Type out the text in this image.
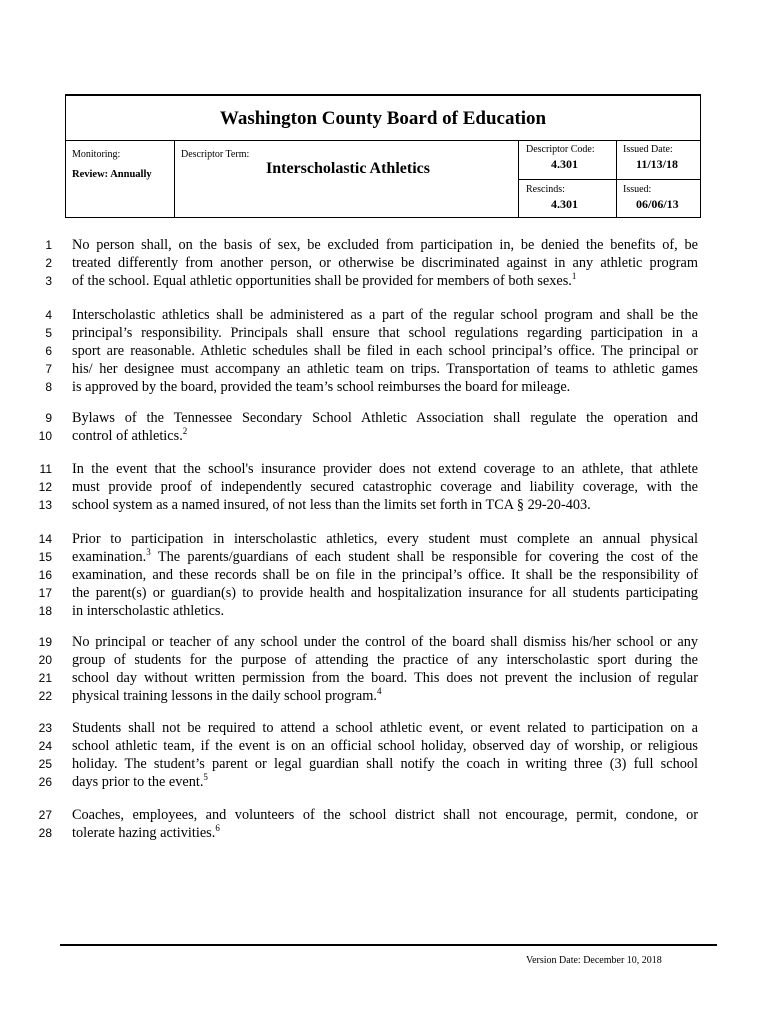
Washington County Board of Education
Monitoring:
Review: Annually
Descriptor Term:
Interscholastic Athletics
Descriptor Code:
4.301
Issued Date:
11/13/18
Rescinds:
4.301
Issued:
06/06/13
1
2
3
No person shall, on the basis of sex, be excluded from participation in, be denied the benefits of, be
treated differently from another person, or otherwise be discriminated against in any athletic program
of the school. Equal athletic opportunities shall be provided for members of both sexes.$^1$
4
5
6
7
8
Interscholastic athletics shall be administered as a part of the regular school program and shall be the
principal’s responsibility. Principals shall ensure that school regulations regarding participation in a
sport are reasonable. Athletic schedules shall be filed in each school principal’s office. The principal or
his/ her designee must accompany an athletic team on trips. Transportation of teams to athletic games
is approved by the board, provided the team’s school reimburses the board for mileage.
9
10
Bylaws of the Tennessee Secondary School Athletic Association shall regulate the operation and
control of athletics.$^2$
11
12
13
In the event that the school's insurance provider does not extend coverage to an athlete, that athlete
must provide proof of independently secured catastrophic coverage and liability coverage, with the
school system as a named insured, of not less than the limits set forth in TCA § 29-20-403.
14
15
16
17
18
Prior to participation in interscholastic athletics, every student must complete an annual physical
examination.$^3$ The parents/guardians of each student shall be responsible for covering the cost of the
examination, and these records shall be on file in the principal’s office. It shall be the responsibility of
the parent(s) or guardian(s) to provide health and hospitalization insurance for all students participating
in interscholastic athletics.
19
20
21
22
No principal or teacher of any school under the control of the board shall dismiss his/her school or any
group of students for the purpose of attending the practice of any interscholastic sport during the
school day without written permission from the board. This does not prevent the inclusion of regular
physical training lessons in the daily school program.$^4$
23
24
25
26
Students shall not be required to attend a school athletic event, or event related to participation on a
school athletic team, if the event is on an official school holiday, observed day of worship, or religious
holiday. The student’s parent or legal guardian shall notify the coach in writing three (3) full school
days prior to the event.$^5$
27
28
Coaches, employees, and volunteers of the school district shall not encourage, permit, condone, or
tolerate hazing activities.$^6$
Version Date: December 10, 2018
